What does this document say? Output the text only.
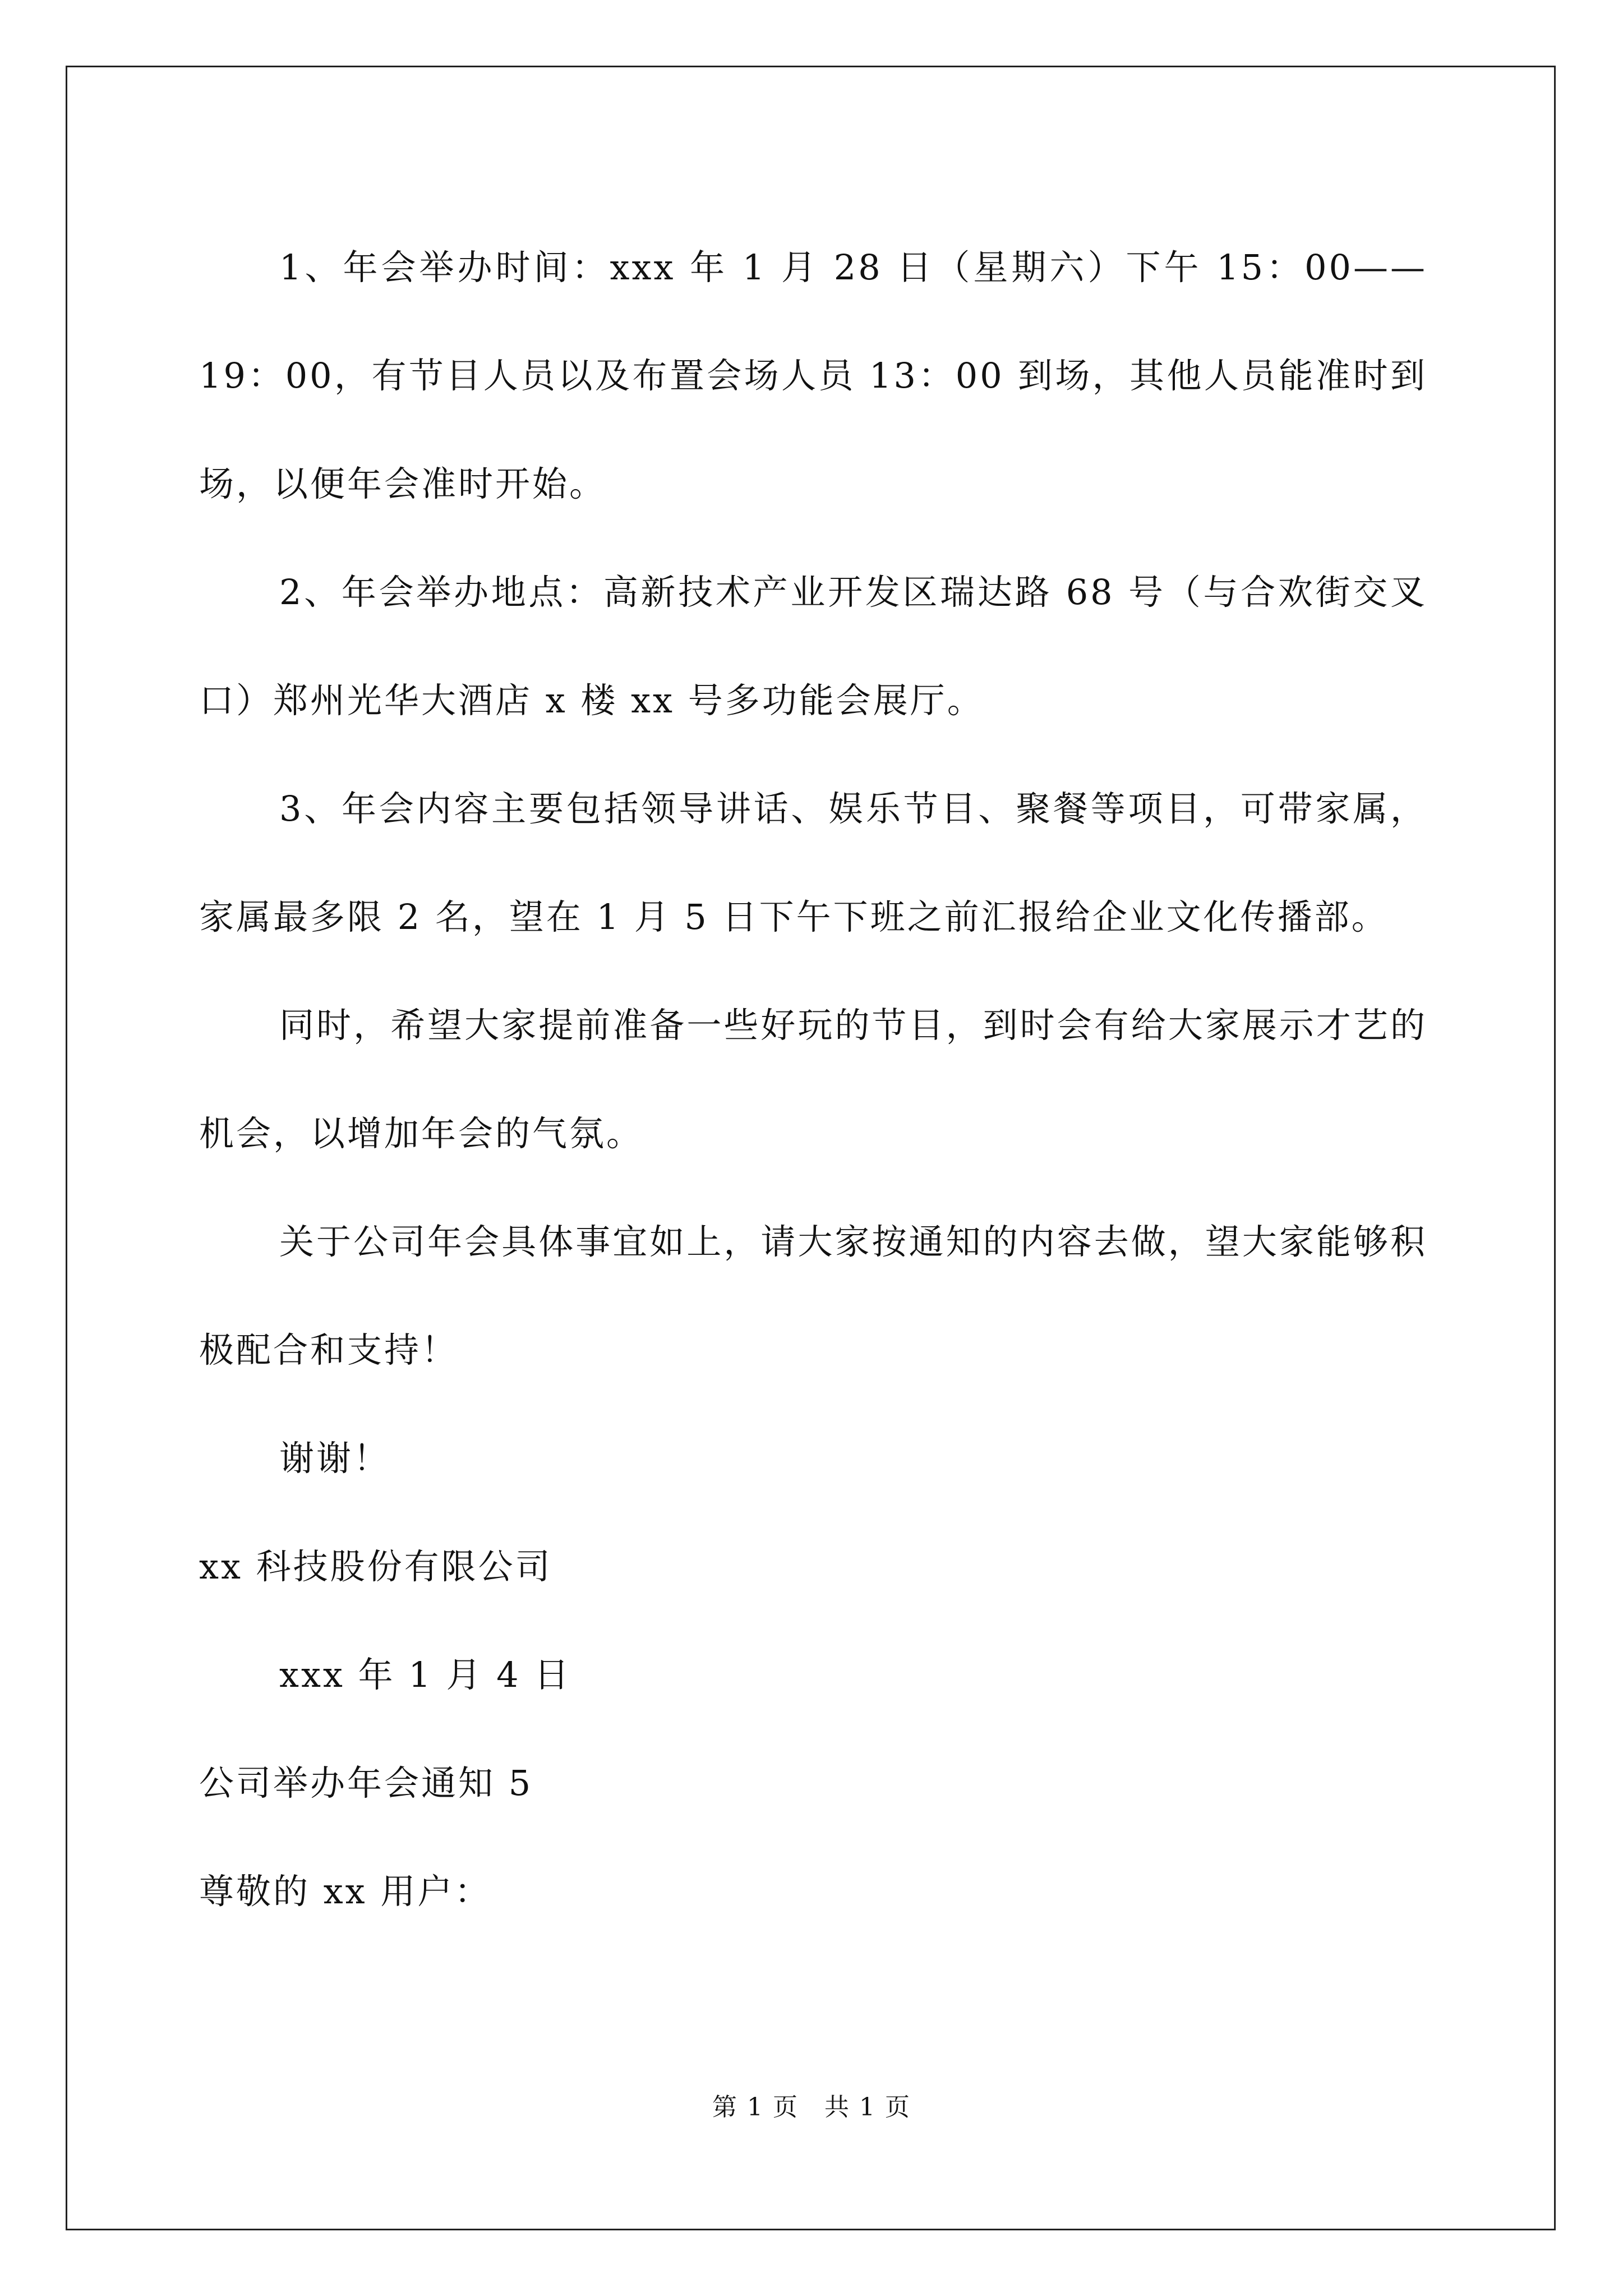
1、年会举办时间：xxx 年 1 月 28 日（星期六）下午 15：00——19：00，有节目人员以及布置会场人员 13：00 到场，其他人员能准时到场，以便年会准时开始。

2、年会举办地点：高新技术产业开发区瑞达路 68 号（与合欢街交叉口）郑州光华大酒店 x 楼 xx 号多功能会展厅。

3、年会内容主要包括领导讲话、娱乐节目、聚餐等项目，可带家属，家属最多限 2 名，望在 1 月 5 日下午下班之前汇报给企业文化传播部。

同时，希望大家提前准备一些好玩的节目，到时会有给大家展示才艺的机会，以增加年会的气氛。

关于公司年会具体事宜如上，请大家按通知的内容去做，望大家能够积极配合和支持！

谢谢！

xx 科技股份有限公司

xxx 年 1 月 4 日

公司举办年会通知 5

尊敬的 xx 用户：

第 1 页 共 1 页
